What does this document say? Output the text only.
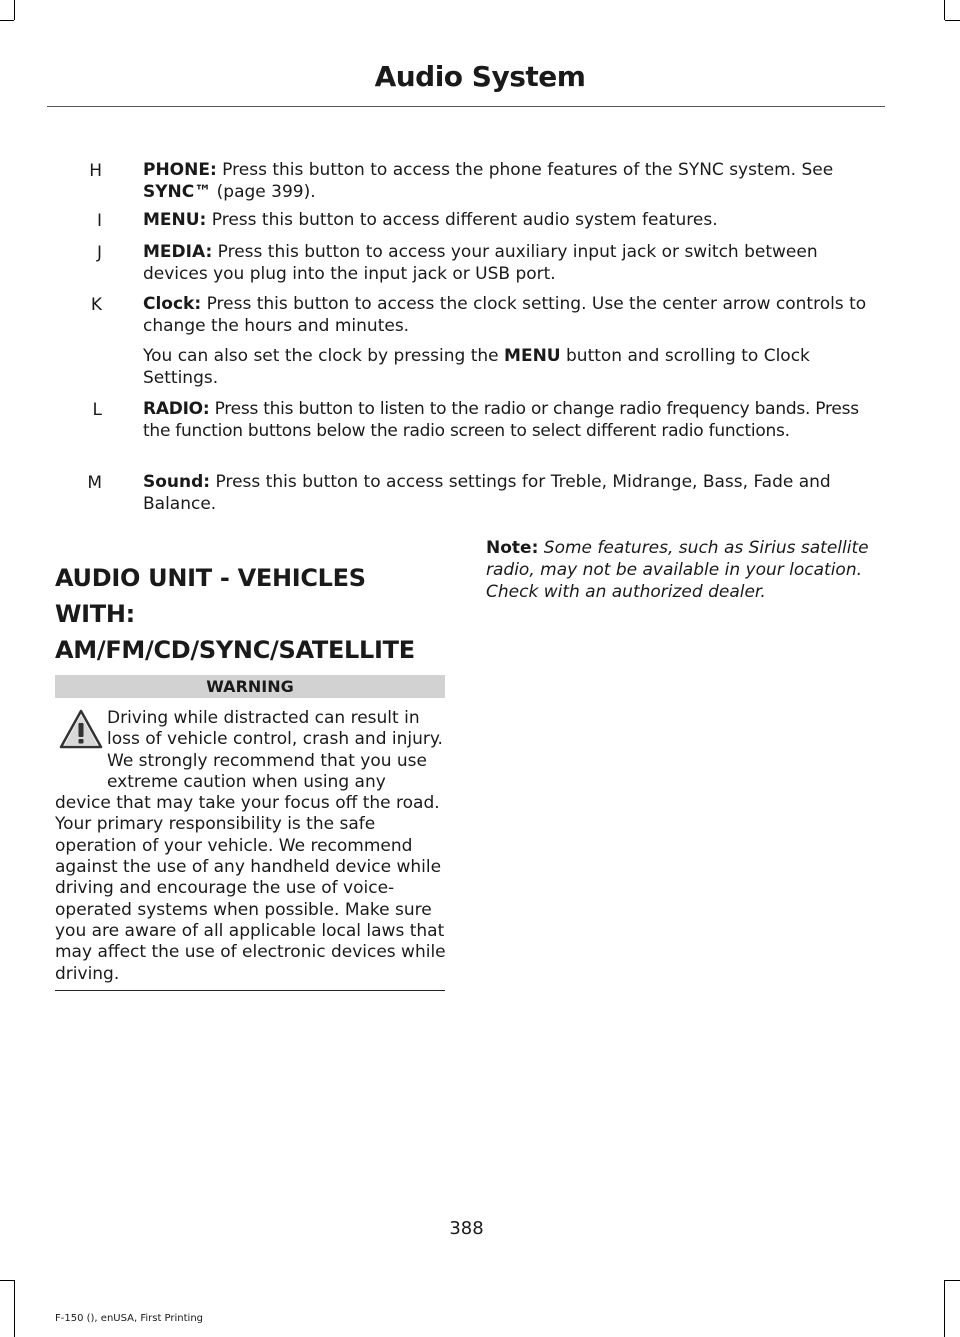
Audio System
H PHONE: Press this button to access the phone features of the SYNC system. See SYNC™ (page 399).
I MENU: Press this button to access different audio system features.
J MEDIA: Press this button to access your auxiliary input jack or switch between devices you plug into the input jack or USB port.
K Clock: Press this button to access the clock setting. Use the center arrow controls to change the hours and minutes.
You can also set the clock by pressing the MENU button and scrolling to Clock Settings.
L RADIO: Press this button to listen to the radio or change radio frequency bands. Press the function buttons below the radio screen to select different radio functions.
M Sound: Press this button to access settings for Treble, Midrange, Bass, Fade and Balance.
AUDIO UNIT - VEHICLES WITH:
AM/FM/CD/SYNC/SATELLITE
WARNING
Driving while distracted can result in loss of vehicle control, crash and injury. We strongly recommend that you use extreme caution when using any device that may take your focus off the road. Your primary responsibility is the safe operation of your vehicle. We recommend against the use of any handheld device while driving and encourage the use of voice-operated systems when possible. Make sure you are aware of all applicable local laws that may affect the use of electronic devices while driving.
Note: Some features, such as Sirius satellite radio, may not be available in your location. Check with an authorized dealer.
388
F-150 (), enUSA, First Printing
